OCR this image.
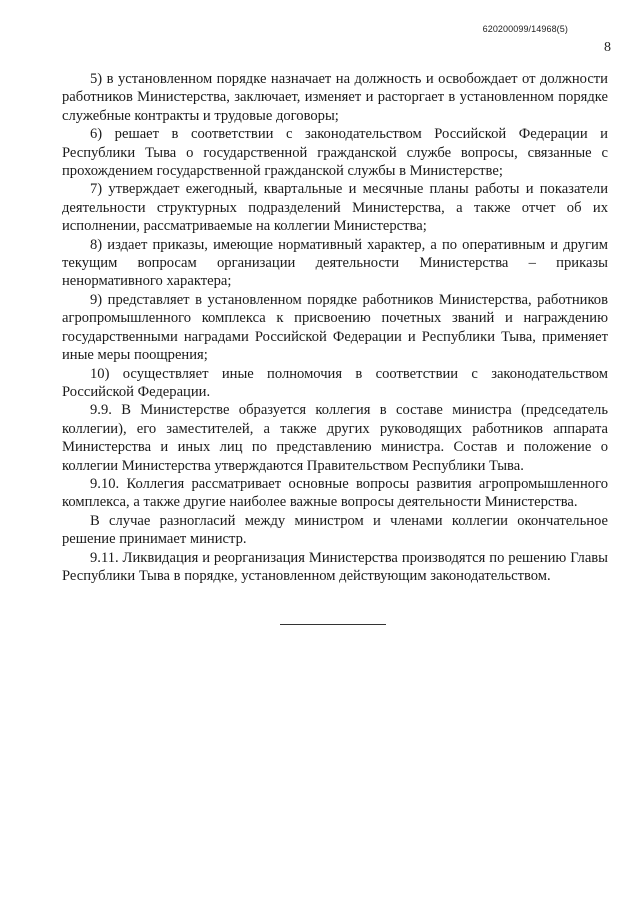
620200099/14968(5)
8

5) в установленном порядке назначает на должность и освобождает от должности работников Министерства, заключает, изменяет и расторгает в установленном порядке служебные контракты и трудовые договоры;

6) решает в соответствии с законодательством Российской Федерации и Республики Тыва о государственной гражданской службе вопросы, связанные с прохождением государственной гражданской службы в Министерстве;

7) утверждает ежегодный, квартальные и месячные планы работы и показатели деятельности структурных подразделений Министерства, а также отчет об их исполнении, рассматриваемые на коллегии Министерства;

8) издает приказы, имеющие нормативный характер, а по оперативным и другим текущим вопросам организации деятельности Министерства – приказы ненормативного характера;

9) представляет в установленном порядке работников Министерства, работников агропромышленного комплекса к присвоению почетных званий и награждению государственными наградами Российской Федерации и Республики Тыва, применяет иные меры поощрения;

10) осуществляет иные полномочия в соответствии с законодательством Российской Федерации.

9.9. В Министерстве образуется коллегия в составе министра (председатель коллегии), его заместителей, а также других руководящих работников аппарата Министерства и иных лиц по представлению министра. Состав и положение о коллегии Министерства утверждаются Правительством Республики Тыва.

9.10. Коллегия рассматривает основные вопросы развития агропромышленного комплекса, а также другие наиболее важные вопросы деятельности Министерства.

В случае разногласий между министром и членами коллегии окончательное решение принимает министр.

9.11. Ликвидация и реорганизация Министерства производятся по решению Главы Республики Тыва в порядке, установленном действующим законодательством.
